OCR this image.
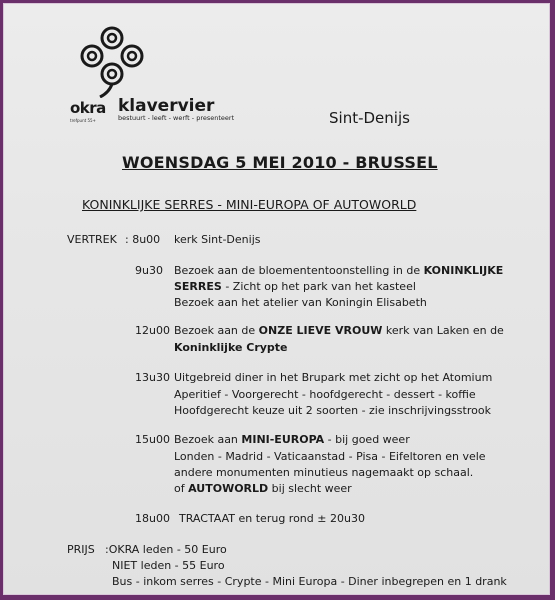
okra
trefpunt 55+
klavervier
bestuurt - leeft - werft - presenteert	Sint-Denijs
WOENSDAG 5 MEI 2010 - BRUSSEL
KONINKLIJKE SERRES - MINI-EUROPA OF AUTOWORLD
VERTREK : 8u00 kerk Sint-Denijs
9u30 Bezoek aan de bloemententoonstelling in de KONINKLIJKE
SERRES - Zicht op het park van het kasteel
Bezoek aan het atelier van Koningin Elisabeth
12u00 Bezoek aan de ONZE LIEVE VROUW kerk van Laken en de
Koninklijke Crypte
13u30 Uitgebreid diner in het Brupark met zicht op het Atomium
Aperitief - Voorgerecht - hoofdgerecht - dessert - koffie
Hoofdgerecht keuze uit 2 soorten - zie inschrijvingsstrook
15u00 Bezoek aan MINI-EUROPA - bij goed weer
Londen - Madrid - Vaticaanstad - Pisa - Eifeltoren en vele
andere monumenten minutieus nagemaakt op schaal.
of AUTOWORLD bij slecht weer
18u00 TRACTAAT en terug rond ± 20u30
PRIJS :OKRA leden - 50 Euro
NIET leden - 55 Euro
Bus - inkom serres - Crypte - Mini Europa - Diner inbegrepen en 1 drank
